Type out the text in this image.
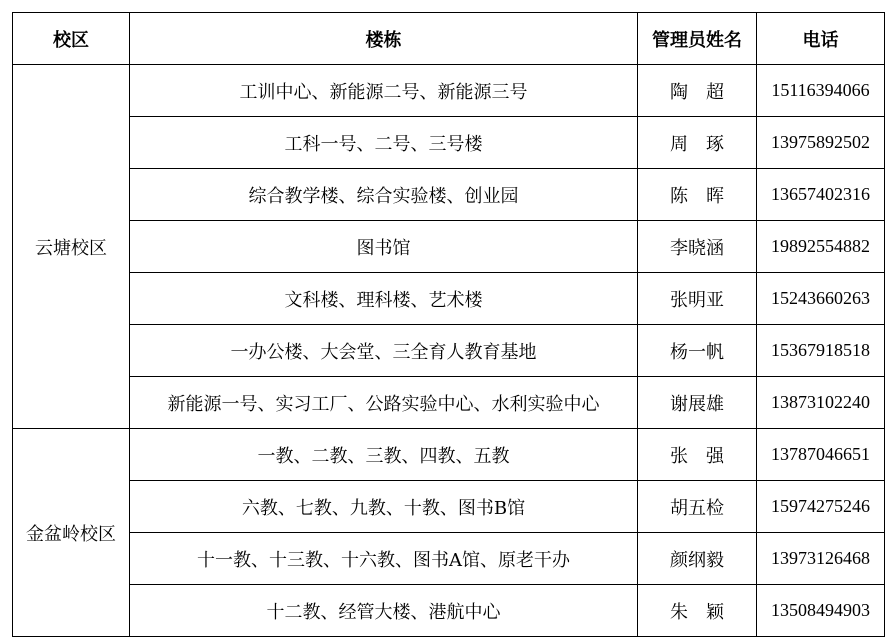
校区	楼栋	管理员姓名	电话
云塘校区	工训中心、新能源二号、新能源三号	陶　超	15116394066
	工科一号、二号、三号楼	周　琢	13975892502
	综合教学楼、综合实验楼、创业园	陈　晖	13657402316
	图书馆	李晓涵	19892554882
	文科楼、理科楼、艺术楼	张明亚	15243660263
	一办公楼、大会堂、三全育人教育基地	杨一帆	15367918518
	新能源一号、实习工厂、公路实验中心、水利实验中心	谢展雄	13873102240
金盆岭校区	一教、二教、三教、四教、五教	张　强	13787046651
	六教、七教、九教、十教、图书B馆	胡五检	15974275246
	十一教、十三教、十六教、图书A馆、原老干办	颜纲毅	13973126468
	十二教、经管大楼、港航中心	朱　颖	13508494903
